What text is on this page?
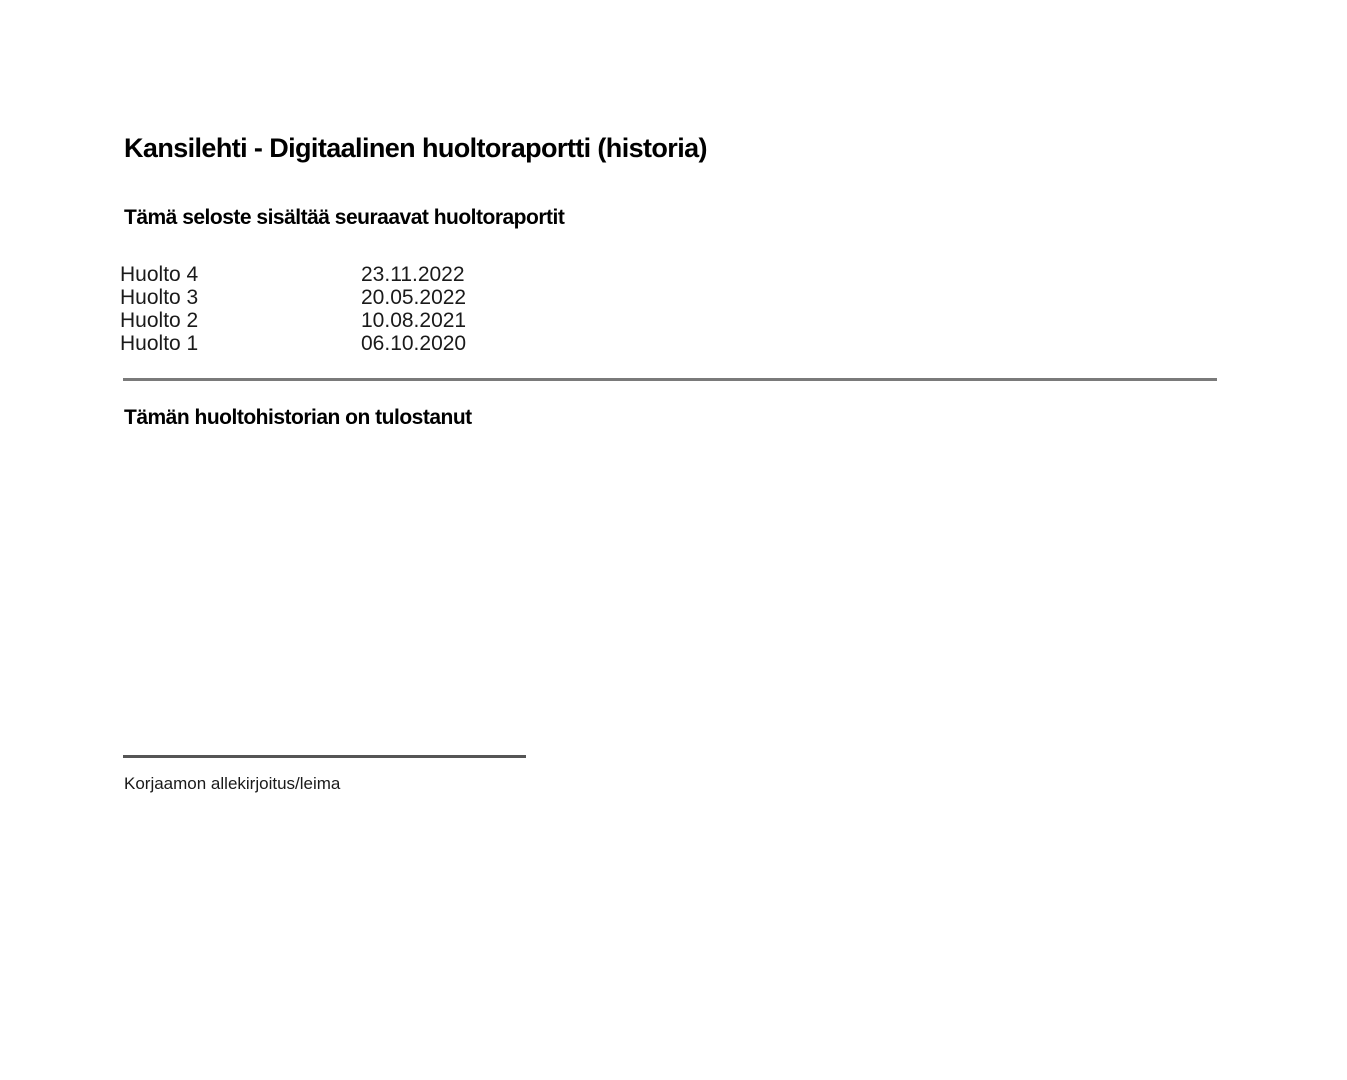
Kansilehti - Digitaalinen huoltoraportti (historia)
Tämä seloste sisältää seuraavat huoltoraportit
Huolto 4	23.11.2022
Huolto 3	20.05.2022
Huolto 2	10.08.2021
Huolto 1	06.10.2020
Tämän huoltohistorian on tulostanut
Korjaamon allekirjoitus/leima
